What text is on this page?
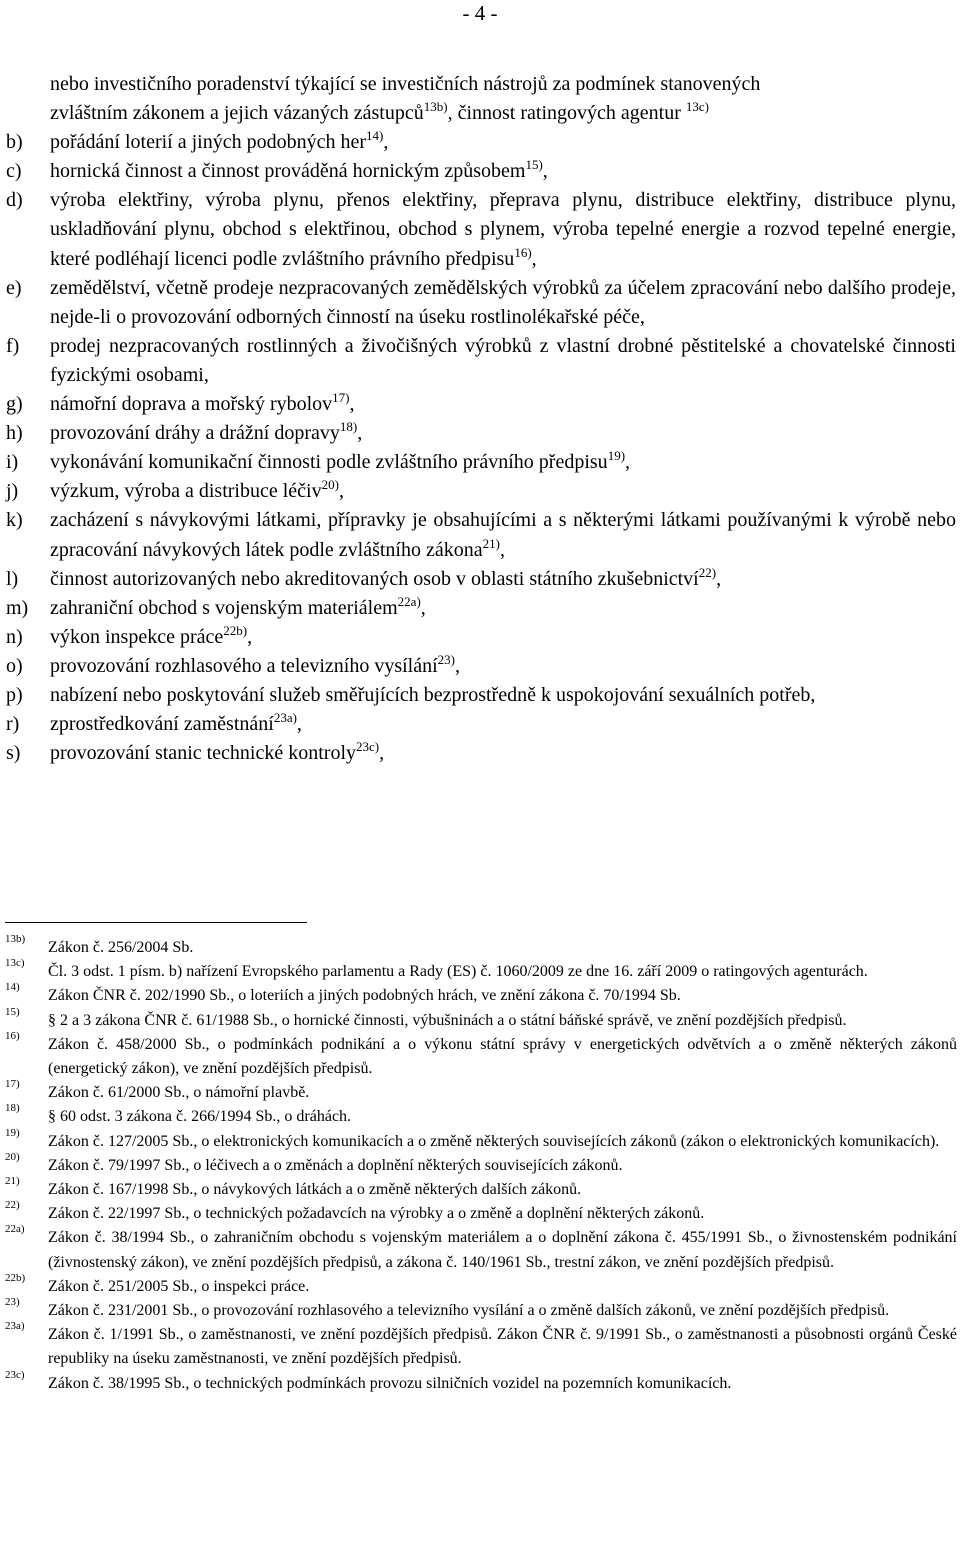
- 4 -
nebo investičního poradenství týkající se investičních nástrojů za podmínek stanovených
zvláštním zákonem a jejich vázaných zástupců$^{13b)}$, činnost ratingových agentur $^{13c)}$
b)	pořádání loterií a jiných podobných her$^{14)}$,
c)	hornická činnost a činnost prováděná hornickým způsobem$^{15)}$,
d)	výroba elektřiny, výroba plynu, přenos elektřiny, přeprava plynu, distribuce elektřiny, distribuce plynu, uskladňování plynu, obchod s elektřinou, obchod s plynem, výroba tepelné energie a rozvod tepelné energie, které podléhají licenci podle zvláštního právního předpisu$^{16)}$,
e)	zemědělství, včetně prodeje nezpracovaných zemědělských výrobků za účelem zpracování nebo dalšího prodeje, nejde-li o provozování odborných činností na úseku rostlinolékařské péče,
f)	prodej nezpracovaných rostlinných a živočišných výrobků z vlastní drobné pěstitelské a chovatelské činnosti fyzickými osobami,
g)	námořní doprava a mořský rybolov$^{17)}$,
h)	provozování dráhy a drážní dopravy$^{18)}$,
i)	vykonávání komunikační činnosti podle zvláštního právního předpisu$^{19)}$,
j)	výzkum, výroba a distribuce léčiv$^{20)}$,
k)	zacházení s návykovými látkami, přípravky je obsahujícími a s některými látkami používanými k výrobě nebo zpracování návykových látek podle zvláštního zákona$^{21)}$,
l)	činnost autorizovaných nebo akreditovaných osob v oblasti státního zkušebnictví$^{22)}$,
m)	zahraniční obchod s vojenským materiálem$^{22a)}$,
n)	výkon inspekce práce$^{22b)}$,
o)	provozování rozhlasového a televizního vysílání$^{23)}$,
p)	nabízení nebo poskytování služeb směřujících bezprostředně k uspokojování sexuálních potřeb,
r)	zprostředkování zaměstnání$^{23a)}$,
s)	provozování stanic technické kontroly$^{23c)}$,
13b)	Zákon č. 256/2004 Sb.
13c)	Čl. 3 odst. 1 písm. b) nařízení Evropského parlamentu a Rady (ES) č. 1060/2009 ze dne 16. září 2009 o ratingových agenturách.
14)	Zákon ČNR č. 202/1990 Sb., o loteriích a jiných podobných hrách, ve znění zákona č. 70/1994 Sb.
15)	§ 2 a 3 zákona ČNR č. 61/1988 Sb., o hornické činnosti, výbušninách a o státní báňské správě, ve znění pozdějších předpisů.
16)	Zákon č. 458/2000 Sb., o podmínkách podnikání a o výkonu státní správy v energetických odvětvích a o změně některých zákonů (energetický zákon), ve znění pozdějších předpisů.
17)	Zákon č. 61/2000 Sb., o námořní plavbě.
18)	§ 60 odst. 3 zákona č. 266/1994 Sb., o dráhách.
19)	Zákon č. 127/2005 Sb., o elektronických komunikacích a o změně některých souvisejících zákonů (zákon o elektronických komunikacích).
20)	Zákon č. 79/1997 Sb., o léčivech a o změnách a doplnění některých souvisejících zákonů.
21)	Zákon č. 167/1998 Sb., o návykových látkách a o změně některých dalších zákonů.
22)	Zákon č. 22/1997 Sb., o technických požadavcích na výrobky a o změně a doplnění některých zákonů.
22a)	Zákon č. 38/1994 Sb., o zahraničním obchodu s vojenským materiálem a o doplnění zákona č. 455/1991 Sb., o živnostenském podnikání (živnostenský zákon), ve znění pozdějších předpisů, a zákona č. 140/1961 Sb., trestní zákon, ve znění pozdějších předpisů.
22b)	Zákon č. 251/2005 Sb., o inspekci práce.
23)	Zákon č. 231/2001 Sb., o provozování rozhlasového a televizního vysílání a o změně dalších zákonů, ve znění pozdějších předpisů.
23a)	Zákon č. 1/1991 Sb., o zaměstnanosti, ve znění pozdějších předpisů. Zákon ČNR č. 9/1991 Sb., o zaměstnanosti a působnosti orgánů České republiky na úseku zaměstnanosti, ve znění pozdějších předpisů.
23c)	Zákon č. 38/1995 Sb., o technických podmínkách provozu silničních vozidel na pozemních komunikacích.
